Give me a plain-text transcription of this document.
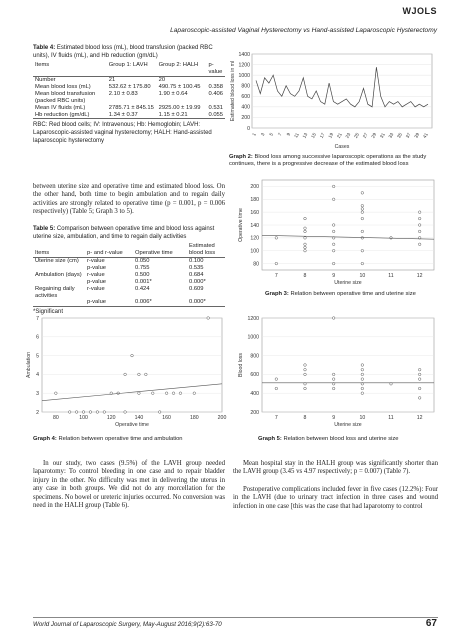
WJOLS
Laparoscopic-assisted Vaginal Hysterectomy vs Hand-assisted Laparoscopic Hysterectomy
Table 4: Estimated blood loss (mL), blood transfusion (packed RBC units), IV fluids (mL), and Hb reduction (gm/dL)
Items	Group 1: LAVH	Group 2: HALH	p-value
Number	21	20	
Mean blood loss (mL)	532.62 ± 175.80	490.75 ± 100.45	0.358
Mean blood transfusion (packed RBC units)	2.10 ± 0.83	1.90 ± 0.64	0.406
Mean IV fluids (mL)	2785.71 ± 845.15	2925.00 ± 19.99	0.531
Hb reduction (gm/dL)	1.34 ± 0.37	1.15 ± 0.21	0.055
RBC: Red blood cells; IV: Intravenous; Hb: Hemoglobin; LAVH: Laparoscopic-assisted vaginal hysterectomy; HALH: Hand-assisted laparoscopic hysterectomy
0
200
400
600
800
1000
1200
1400
1 3 5 7 9 11 13 15 17 19 21 23 25 27 29 31 33 35 37 39 41
Estimated blood loss in ml
Cases
Graph 2: Blood loss among successive laparoscopic operations as the study continues, there is a progressive decrease of the estimated blood loss
between uterine size and operative time and estimated blood loss. On the other hand, both time to begin ambulation and to regain daily activities are strongly related to operative time (p = 0.001, p = 0.006 respectively) (Table 5; Graph 3 to 5).
Table 5: Comparison between operative time and blood loss against uterine size, ambulation, and time to regain daily activities
Items	p- and r-value	Operative time	Estimated blood loss
Uterine size (cm)	r-value	0.050	0.100
	p-value	0.755	0.535
Ambulation (days)	r-value	0.500	0.684
	p-value	0.001*	0.000*
Regaining daily activities	r-value	0.424	0.609
	p-value	0.006*	0.000*
*Significant
80
100
120
140
160
180
200
7	8	9	10	11	12
Uterine size
Operative time
Graph 3: Relation between operative time and uterine size
2
3
4
5
6
7
80	100	120	140	160	180	200
Operative time
Ambulation
Graph 4: Relation between operative time and ambulation
200
400
600
800
1000
1200
7	8	9	10	11	12
Uterine size
Blood loss
Graph 5: Relation between blood loss and uterine size
In our study, two cases (9.5%) of the LAVH group needed laparotomy: To control bleeding in one case and to repair bladder injury in the other. No difficulty was met in delivering the uterus in any case in both groups. We did not do any morcellation for the specimens. No bowel or ureteric injuries occurred. No conversion was need in the HALH group (Table 6).
Mean hospital stay in the HALH group was significantly shorter than the LAVH group (3.45 vs 4.97 respectively; p = 0.007) (Table 7).
Postoperative complications included fever in five cases (12.2%): Four in the LAVH (due to urinary tract infection in three cases and wound infection in one case [this was the case that had laparotomy to control
World Journal of Laparoscopic Surgery, May-August 2016;9(2):63-70	67
